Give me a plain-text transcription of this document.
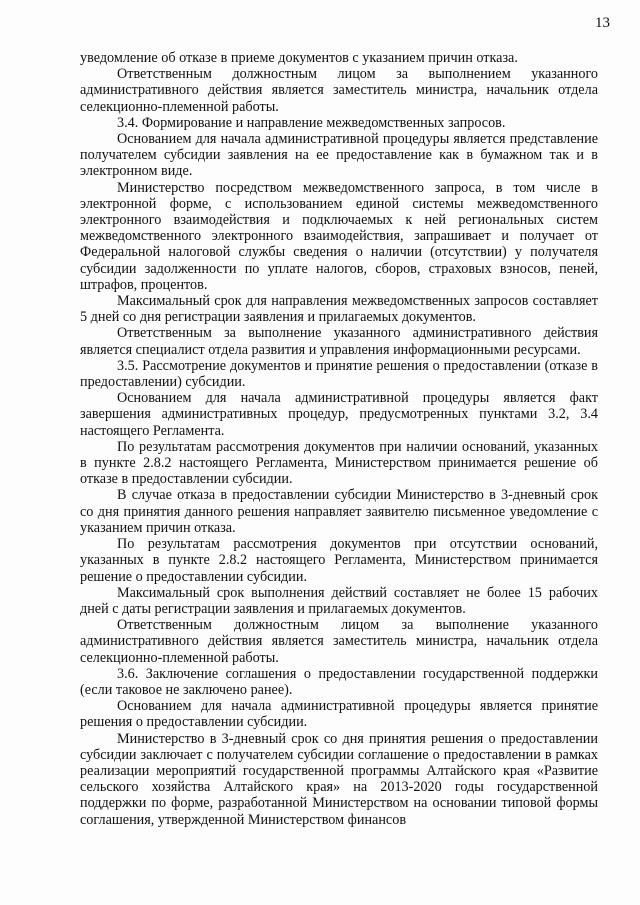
13

уведомление об отказе в приеме документов с указанием причин отказа.

Ответственным должностным лицом за выполнением указанного административного действия является заместитель министра, начальник отдела селекционно-племенной работы.

3.4. Формирование и направление межведомственных запросов.

Основанием для начала административной процедуры является представление получателем субсидии заявления на ее предоставление как в бумажном так и в электронном виде.

Министерство посредством межведомственного запроса, в том числе в электронной форме, с использованием единой системы межведомственного электронного взаимодействия и подключаемых к ней региональных систем межведомственного электронного взаимодействия, запрашивает и получает от Федеральной налоговой службы сведения о наличии (отсутствии) у получателя субсидии задолженности по уплате налогов, сборов, страховых взносов, пеней, штрафов, процентов.

Максимальный срок для направления межведомственных запросов составляет 5 дней со дня регистрации заявления и прилагаемых документов.

Ответственным за выполнение указанного административного действия является специалист отдела развития и управления информационными ресурсами.

3.5. Рассмотрение документов и принятие решения о предоставлении (отказе в предоставлении) субсидии.

Основанием для начала административной процедуры является факт завершения административных процедур, предусмотренных пунктами 3.2, 3.4 настоящего Регламента.

По результатам рассмотрения документов при наличии оснований, указанных в пункте 2.8.2 настоящего Регламента, Министерством принимается решение об отказе в предоставлении субсидии.

В случае отказа в предоставлении субсидии Министерство в 3-дневный срок со дня принятия данного решения направляет заявителю письменное уведомление с указанием причин отказа.

По результатам рассмотрения документов при отсутствии оснований, указанных в пункте 2.8.2 настоящего Регламента, Министерством принимается решение о предоставлении субсидии.

Максимальный срок выполнения действий составляет не более 15 рабочих дней с даты регистрации заявления и прилагаемых документов.

Ответственным должностным лицом за выполнение указанного административного действия является заместитель министра, начальник отдела селекционно-племенной работы.

3.6. Заключение соглашения о предоставлении государственной поддержки (если таковое не заключено ранее).

Основанием для начала административной процедуры является принятие решения о предоставлении субсидии.

Министерство в 3-дневный срок со дня принятия решения о предоставлении субсидии заключает с получателем субсидии соглашение о предоставлении в рамках реализации мероприятий государственной программы Алтайского края «Развитие сельского хозяйства Алтайского края» на 2013-2020 годы государственной поддержки по форме, разработанной Министерством на основании типовой формы соглашения, утвержденной Министерством финансов
